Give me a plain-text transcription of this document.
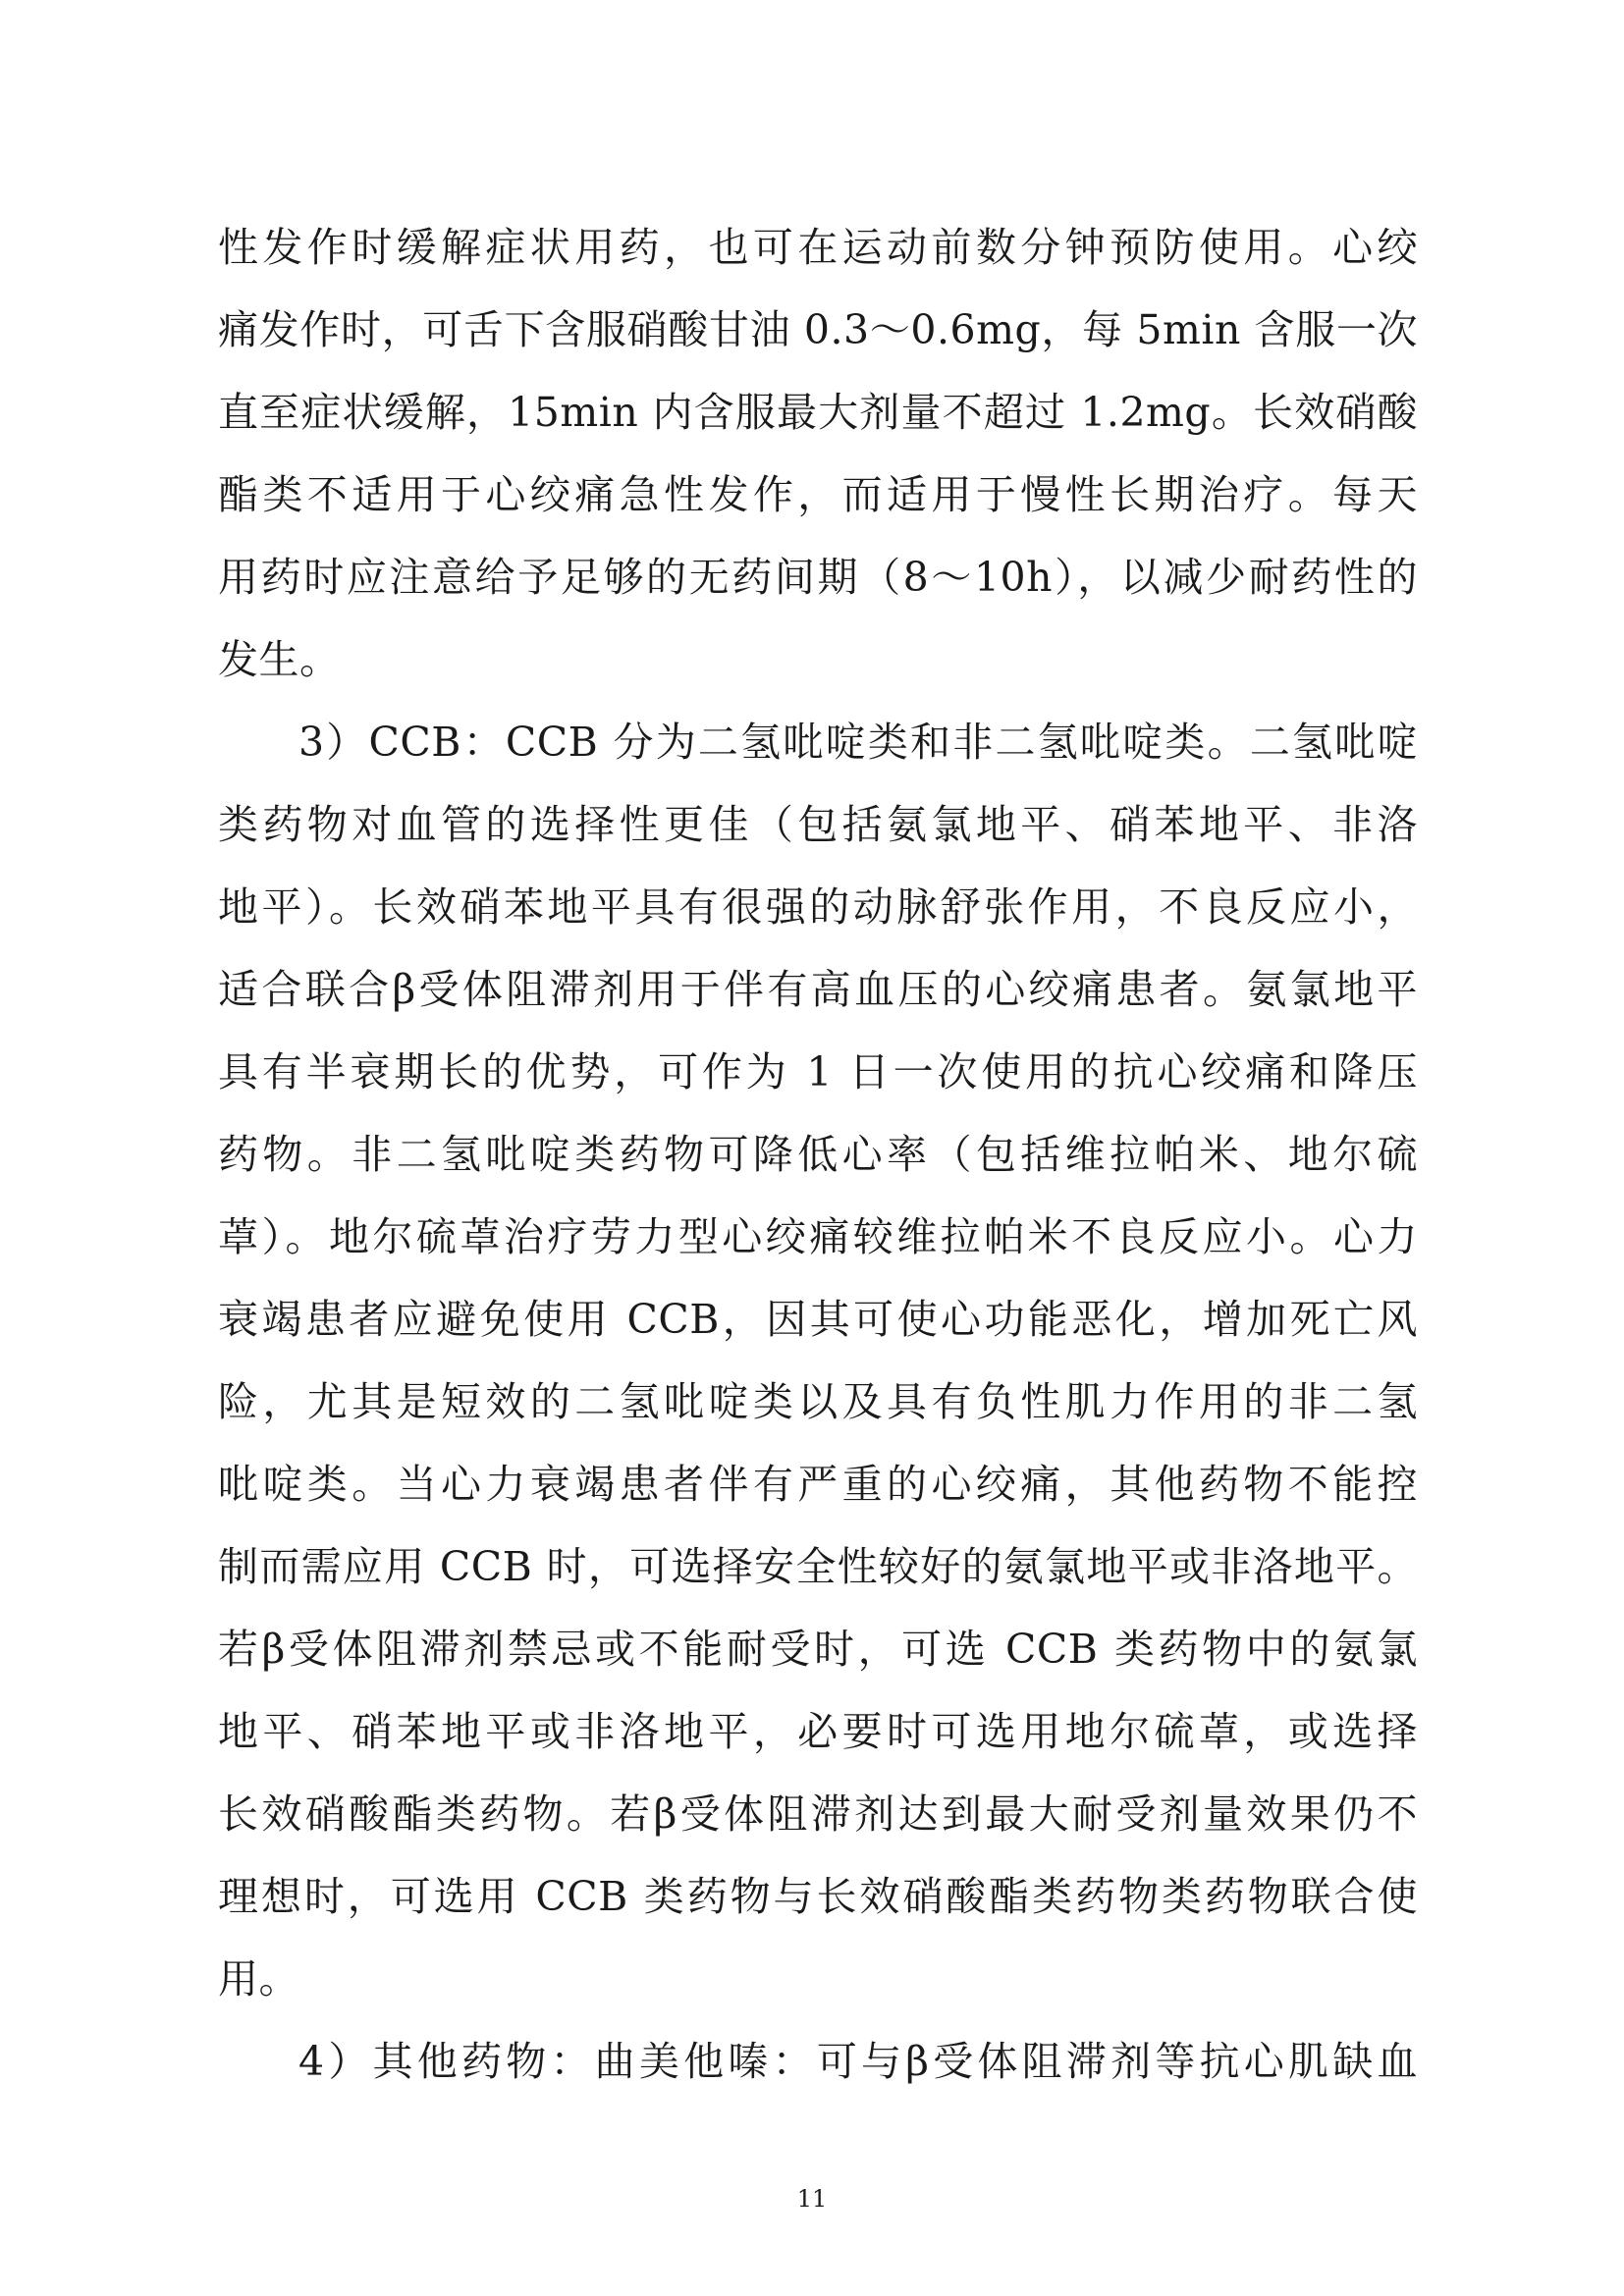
性发作时缓解症状用药，也可在运动前数分钟预防使用。心绞
痛发作时，可舌下含服硝酸甘油 0.3～0.6mg，每 5min 含服一次
直至症状缓解，15min 内含服最大剂量不超过 1.2mg。长效硝酸
酯类不适用于心绞痛急性发作，而适用于慢性长期治疗。每天
用药时应注意给予足够的无药间期（8～10h），以减少耐药性的
发生。
3）CCB：CCB 分为二氢吡啶类和非二氢吡啶类。二氢吡啶
类药物对血管的选择性更佳（包括氨氯地平、硝苯地平、非洛
地平）。长效硝苯地平具有很强的动脉舒张作用，不良反应小，
适合联合β受体阻滞剂用于伴有高血压的心绞痛患者。氨氯地平
具有半衰期长的优势，可作为 1 日一次使用的抗心绞痛和降压
药物。非二氢吡啶类药物可降低心率（包括维拉帕米、地尔硫
䓬）。地尔硫䓬治疗劳力型心绞痛较维拉帕米不良反应小。心力
衰竭患者应避免使用 CCB，因其可使心功能恶化，增加死亡风
险，尤其是短效的二氢吡啶类以及具有负性肌力作用的非二氢
吡啶类。当心力衰竭患者伴有严重的心绞痛，其他药物不能控
制而需应用 CCB 时，可选择安全性较好的氨氯地平或非洛地平。
若β受体阻滞剂禁忌或不能耐受时，可选 CCB 类药物中的氨氯
地平、硝苯地平或非洛地平，必要时可选用地尔硫䓬，或选择
长效硝酸酯类药物。若β受体阻滞剂达到最大耐受剂量效果仍不
理想时，可选用 CCB 类药物与长效硝酸酯类药物类药物联合使
用。
4）其他药物：曲美他嗪：可与β受体阻滞剂等抗心肌缺血
11
